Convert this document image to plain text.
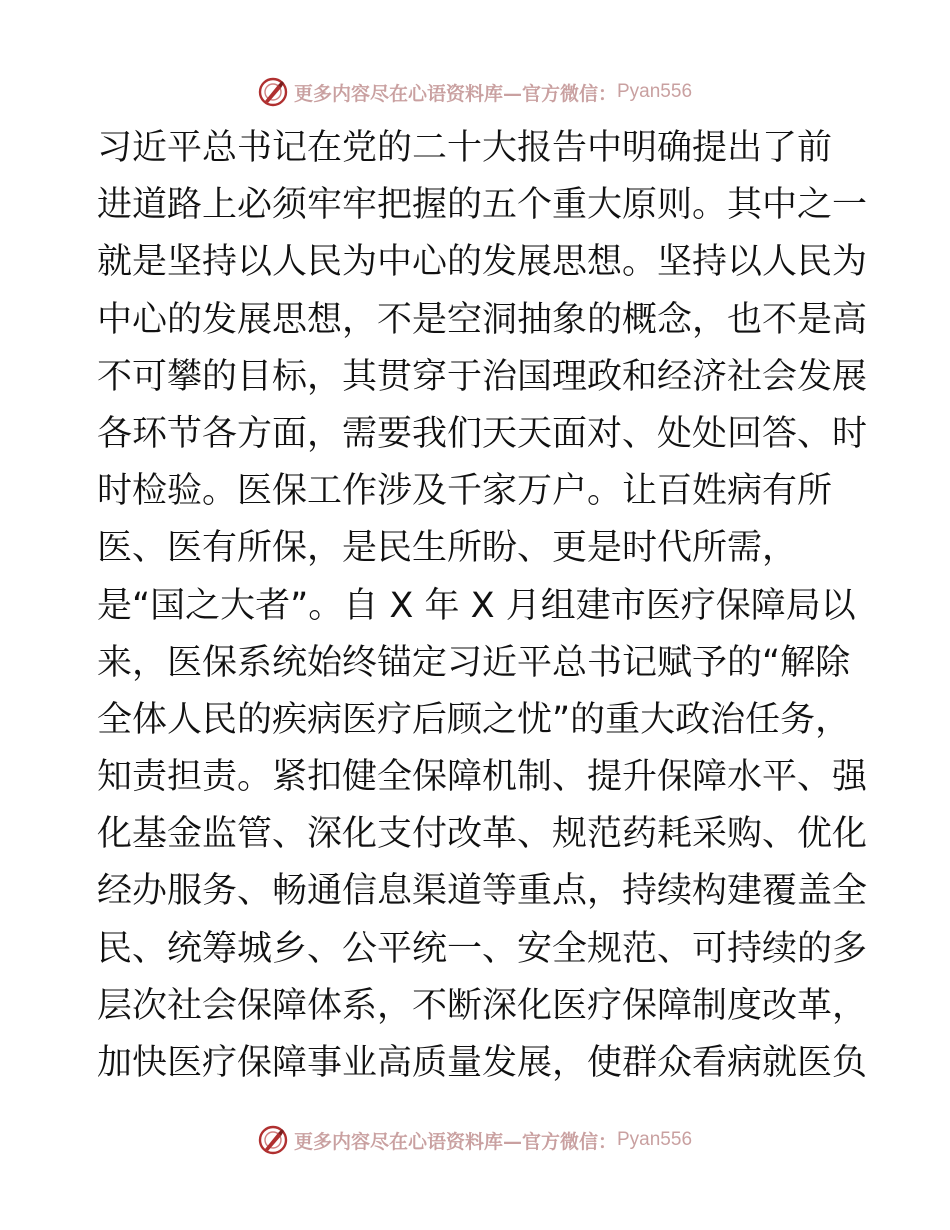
更多内容尽在心语资料库—官方微信： Pyan556
习近平总书记在党的二十大报告中明确提出了前
进道路上必须牢牢把握的五个重大原则。其中之一
就是坚持以人民为中心的发展思想。坚持以人民为
中心的发展思想，不是空洞抽象的概念，也不是高
不可攀的目标，其贯穿于治国理政和经济社会发展
各环节各方面，需要我们天天面对、处处回答、时
时检验。医保工作涉及千家万户。让百姓病有所
医、医有所保，是民生所盼、更是时代所需，
是“国之大者”。自 X 年 X 月组建市医疗保障局以
来，医保系统始终锚定习近平总书记赋予的“解除
全体人民的疾病医疗后顾之忧”的重大政治任务，
知责担责。紧扣健全保障机制、提升保障水平、强
化基金监管、深化支付改革、规范药耗采购、优化
经办服务、畅通信息渠道等重点，持续构建覆盖全
民、统筹城乡、公平统一、安全规范、可持续的多
层次社会保障体系，不断深化医疗保障制度改革，
加快医疗保障事业高质量发展，使群众看病就医负
更多内容尽在心语资料库—官方微信： Pyan556
